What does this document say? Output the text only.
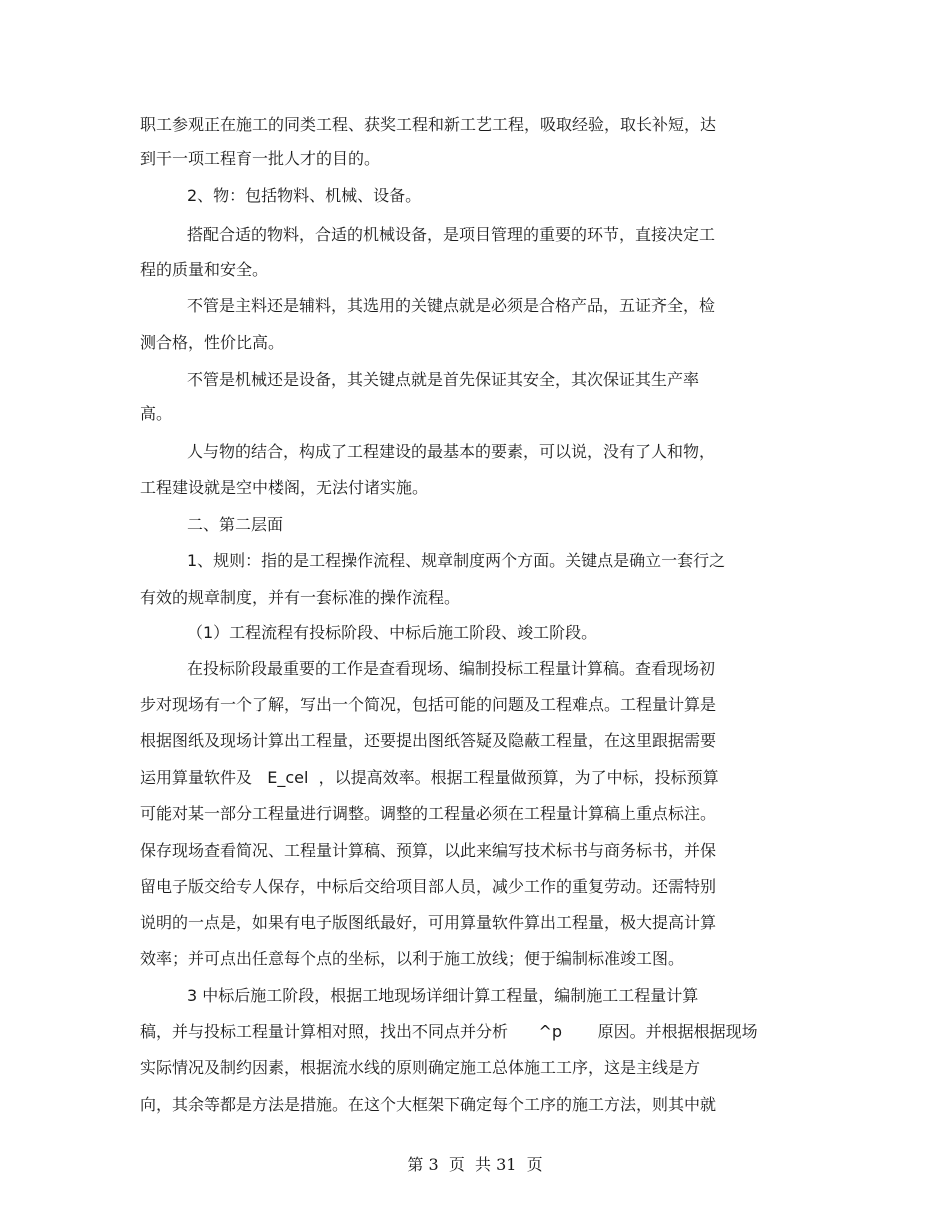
职工参观正在施工的同类工程、获奖工程和新工艺工程，吸取经验，取长补短，达

到干一项工程育一批人才的目的。

2、物：包括物料、机械、设备。

搭配合适的物料，合适的机械设备，是项目管理的重要的环节，直接决定工

程的质量和安全。

不管是主料还是辅料，其选用的关键点就是必须是合格产品，五证齐全，检

测合格，性价比高。

不管是机械还是设备，其关键点就是首先保证其安全，其次保证其生产率

高。

人与物的结合，构成了工程建设的最基本的要素，可以说，没有了人和物，

工程建设就是空中楼阁，无法付诸实施。

二、第二层面

1、规则：指的是工程操作流程、规章制度两个方面。关键点是确立一套行之

有效的规章制度，并有一套标准的操作流程。

（1）工程流程有投标阶段、中标后施工阶段、竣工阶段。

在投标阶段最重要的工作是查看现场、编制投标工程量计算稿。查看现场初

步对现场有一个了解，写出一个简况，包括可能的问题及工程难点。工程量计算是

根据图纸及现场计算出工程量，还要提出图纸答疑及隐蔽工程量，在这里跟据需要

运用算量软件及   E_cel  ，以提高效率。根据工程量做预算，为了中标，投标预算

可能对某一部分工程量进行调整。调整的工程量必须在工程量计算稿上重点标注。

保存现场查看简况、工程量计算稿、预算，以此来编写技术标书与商务标书，并保

留电子版交给专人保存，中标后交给项目部人员，减少工作的重复劳动。还需特别

说明的一点是，如果有电子版图纸最好，可用算量软件算出工程量，极大提高计算

效率；并可点出任意每个点的坐标，以利于施工放线；便于编制标准竣工图。

3 中标后施工阶段，根据工地现场详细计算工程量，编制施工工程量计算

稿，并与投标工程量计算相对照，找出不同点并分析      ^p       原因。并根据根据现场

实际情况及制约因素，根据流水线的原则确定施工总体施工工序，这是主线是方

向，其余等都是方法是措施。在这个大框架下确定每个工序的施工方法，则其中就

第 3  页  共 31  页
